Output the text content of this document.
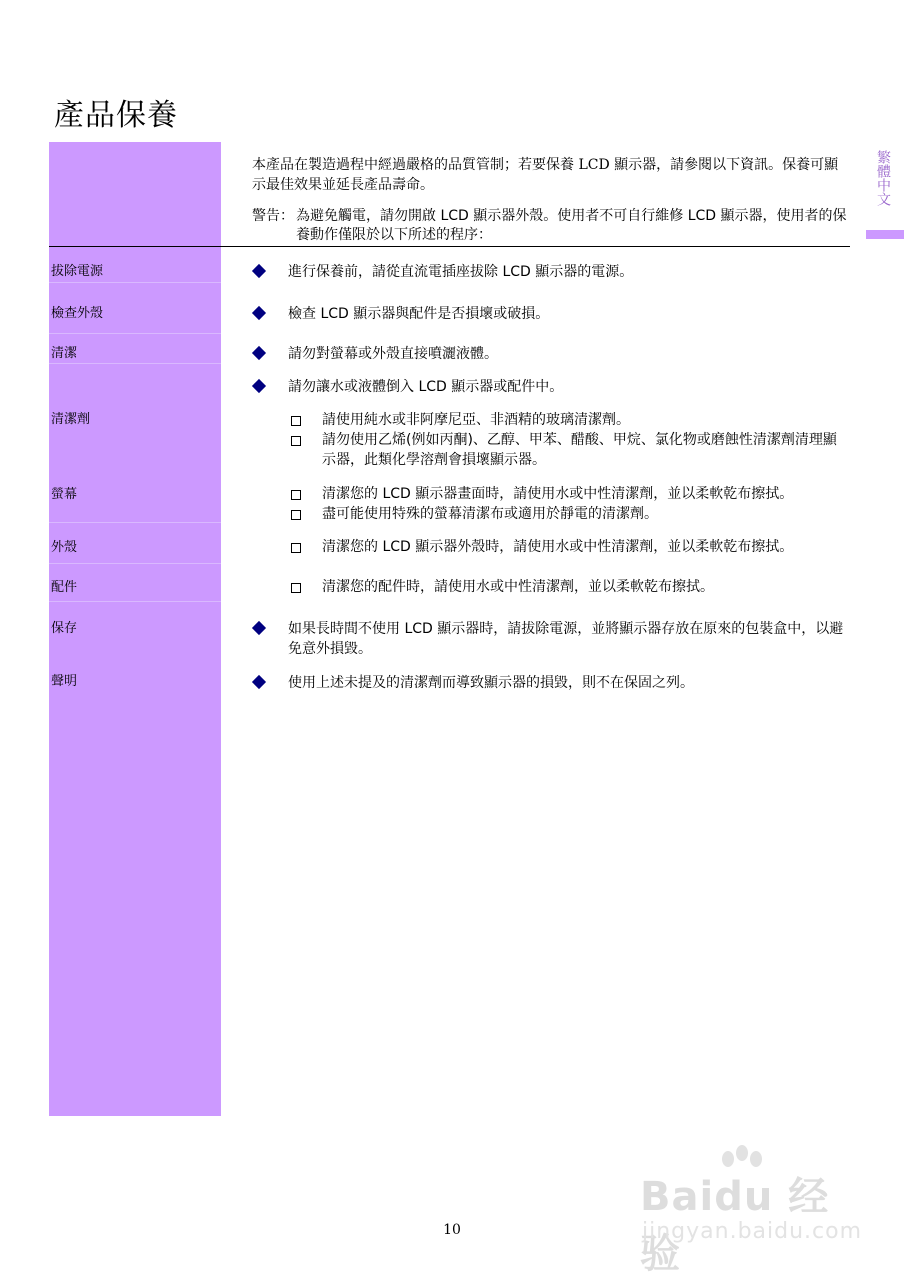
產品保養
繁體中文
本產品在製造過程中經過嚴格的品質管制；若要保養 LCD 顯示器，請參閱以下資訊。保養可顯示最佳效果並延長產品壽命。
警告： 為避免觸電，請勿開啟 LCD 顯示器外殼。使用者不可自行維修 LCD 顯示器，使用者的保養動作僅限於以下所述的程序：
拔除電源
檢查外殼
清潔
清潔劑
螢幕
外殼
配件
保存
聲明
進行保養前，請從直流電插座拔除 LCD 顯示器的電源。
檢查 LCD 顯示器與配件是否損壞或破損。
請勿對螢幕或外殼直接噴灑液體。
請勿讓水或液體倒入 LCD 顯示器或配件中。
請使用純水或非阿摩尼亞、非酒精的玻璃清潔劑。
請勿使用乙烯(例如丙酮)、乙醇、甲苯、醋酸、甲烷、氯化物或磨蝕性清潔劑清理顯示器，此類化學溶劑會損壞顯示器。
清潔您的 LCD 顯示器畫面時，請使用水或中性清潔劑，並以柔軟乾布擦拭。
盡可能使用特殊的螢幕清潔布或適用於靜電的清潔劑。
清潔您的 LCD 顯示器外殼時，請使用水或中性清潔劑，並以柔軟乾布擦拭。
清潔您的配件時，請使用水或中性清潔劑，並以柔軟乾布擦拭。
如果長時間不使用 LCD 顯示器時，請拔除電源，並將顯示器存放在原來的包裝盒中，以避免意外損毀。
使用上述未提及的清潔劑而導致顯示器的損毀，則不在保固之列。
10
Baidu 经验
jingyan.baidu.com
